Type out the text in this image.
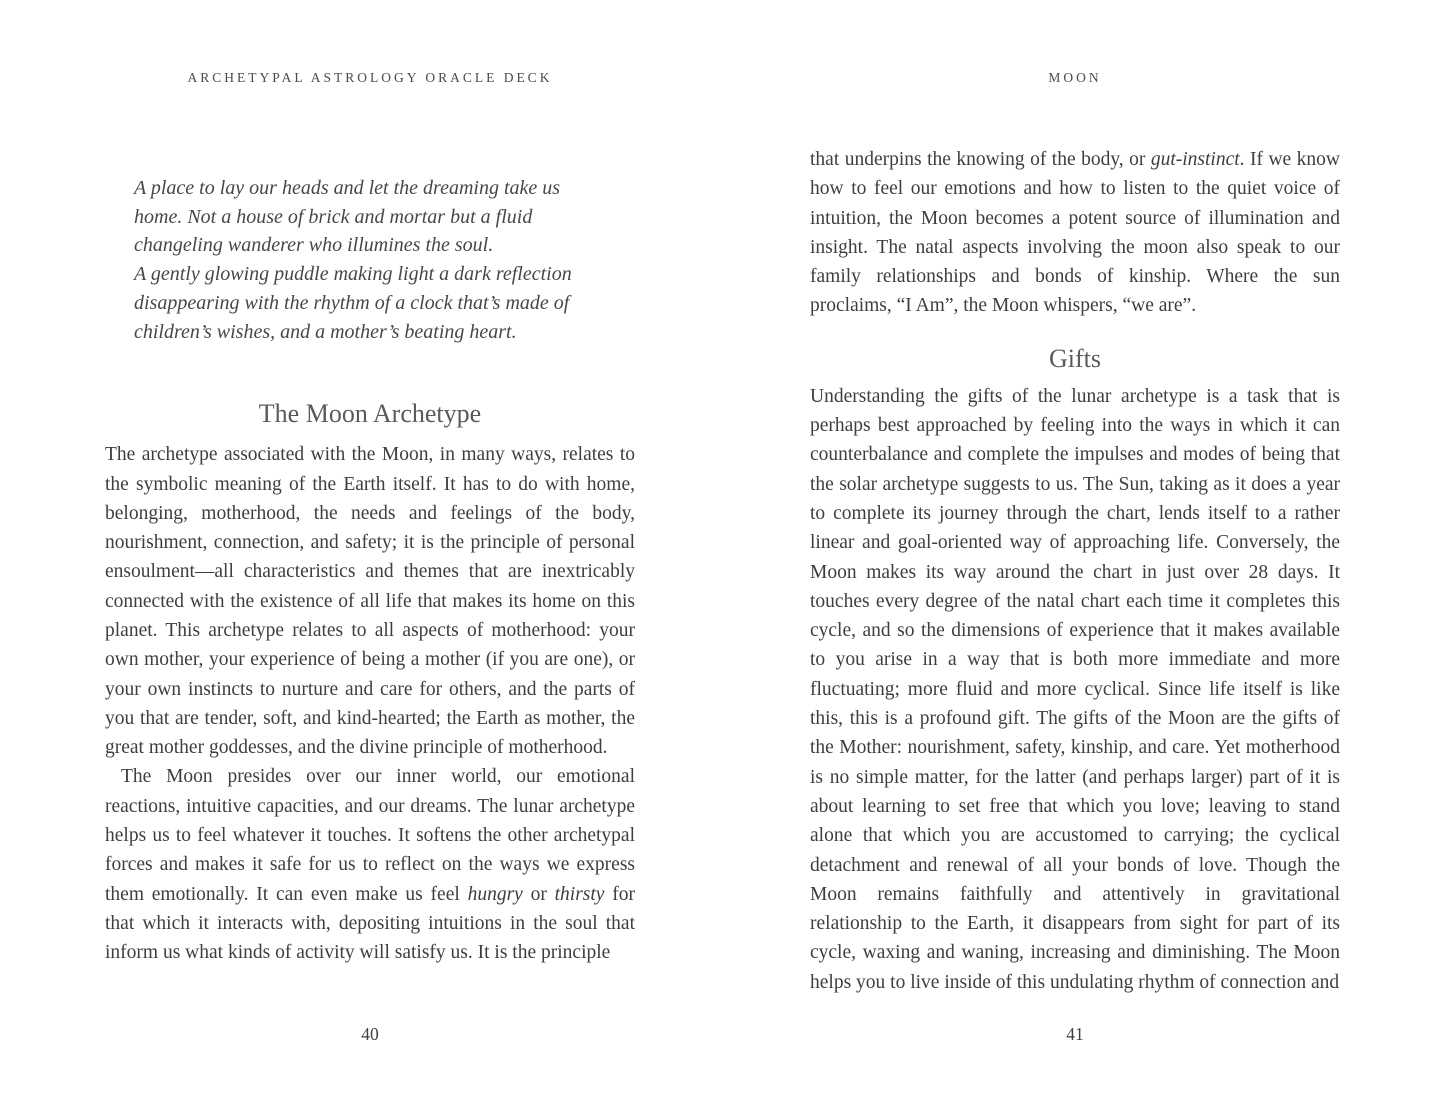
ARCHETYPAL ASTROLOGY ORACLE DECK
A place to lay our heads and let the dreaming take us
home. Not a house of brick and mortar but a fluid
changeling wanderer who illumines the soul.
A gently glowing puddle making light a dark reflection
disappearing with the rhythm of a clock that’s made of
children’s wishes, and a mother’s beating heart.
The Moon Archetype

The archetype associated with the Moon, in many ways, relates to the symbolic meaning of the Earth itself. It has to do with home, belonging, motherhood, the needs and feelings of the body, nourishment, connection, and safety; it is the principle of personal ensoulment—all characteristics and themes that are inextricably connected with the existence of all life that makes its home on this planet. This archetype relates to all aspects of motherhood: your own mother, your experience of being a mother (if you are one), or your own instincts to nurture and care for others, and the parts of you that are tender, soft, and kind-hearted; the Earth as mother, the great mother goddesses, and the divine principle of motherhood.

The Moon presides over our inner world, our emotional reactions, intuitive capacities, and our dreams. The lunar archetype helps us to feel whatever it touches. It softens the other archetypal forces and makes it safe for us to reflect on the ways we express them emotionally. It can even make us feel hungry or thirsty for that which it interacts with, depositing intuitions in the soul that inform us what kinds of activity will satisfy us. It is the principle

40
MOON

that underpins the knowing of the body, or gut-instinct. If we know how to feel our emotions and how to listen to the quiet voice of intuition, the Moon becomes a potent source of illumination and insight. The natal aspects involving the moon also speak to our family relationships and bonds of kinship. Where the sun proclaims, “I Am”, the Moon whispers, “we are”.

Gifts

Understanding the gifts of the lunar archetype is a task that is perhaps best approached by feeling into the ways in which it can counterbalance and complete the impulses and modes of being that the solar archetype suggests to us. The Sun, taking as it does a year to complete its journey through the chart, lends itself to a rather linear and goal-oriented way of approaching life. Conversely, the Moon makes its way around the chart in just over 28 days. It touches every degree of the natal chart each time it completes this cycle, and so the dimensions of experience that it makes available to you arise in a way that is both more immediate and more fluctuating; more fluid and more cyclical. Since life itself is like this, this is a profound gift. The gifts of the Moon are the gifts of the Mother: nourishment, safety, kinship, and care. Yet motherhood is no simple matter, for the latter (and perhaps larger) part of it is about learning to set free that which you love; leaving to stand alone that which you are accustomed to carrying; the cyclical detachment and renewal of all your bonds of love. Though the Moon remains faithfully and attentively in gravitational relationship to the Earth, it disappears from sight for part of its cycle, waxing and waning, increasing and diminishing. The Moon helps you to live inside of this undulating rhythm of connection and

41
